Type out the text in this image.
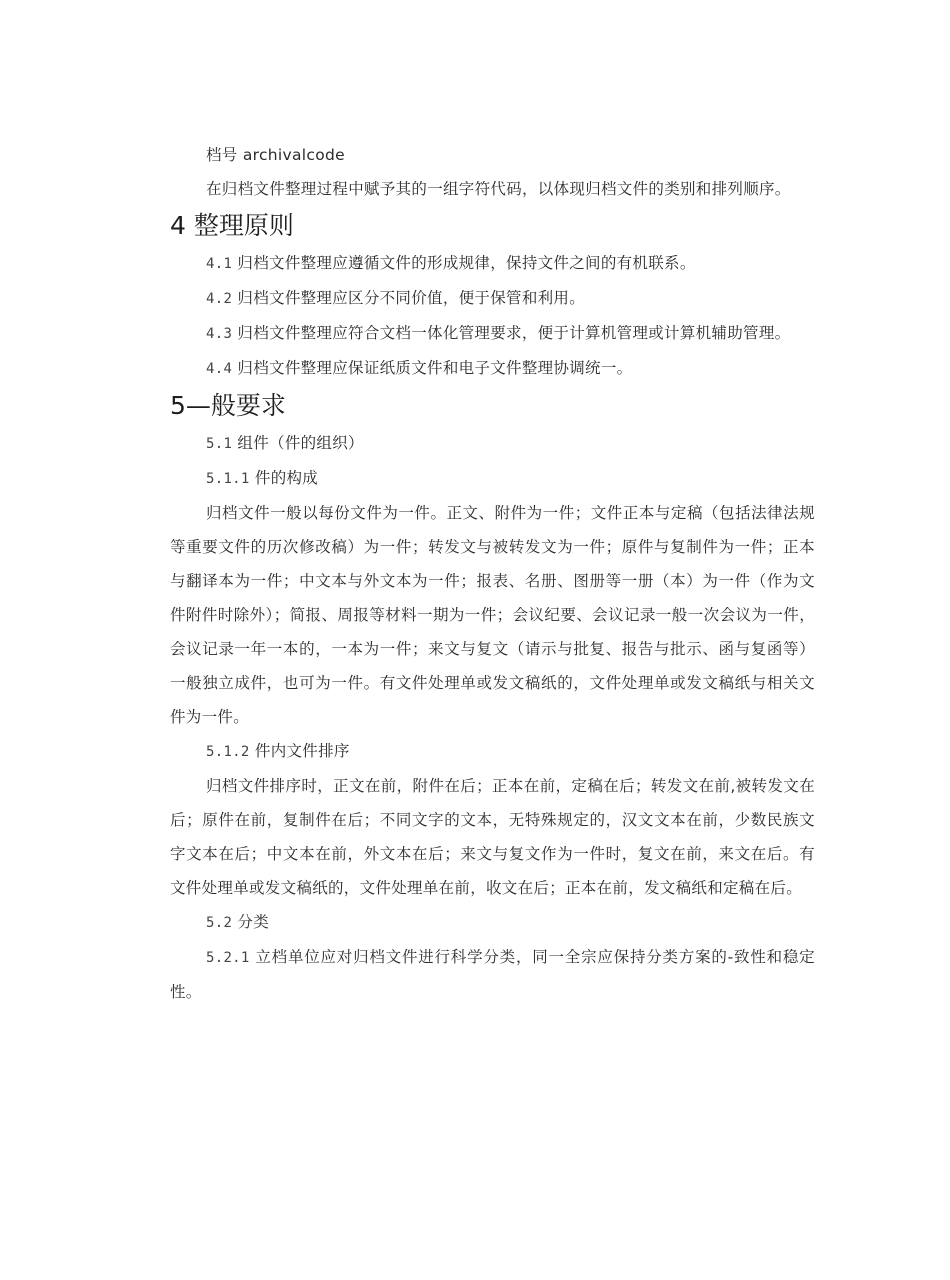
档号 archivalcode

在归档文件整理过程中赋予其的一组字符代码，以体现归档文件的类别和排列顺序。

4 整理原则

4.1 归档文件整理应遵循文件的形成规律，保持文件之间的有机联系。

4.2 归档文件整理应区分不同价值，便于保管和利用。

4.3 归档文件整理应符合文档一体化管理要求，便于计算机管理或计算机辅助管理。

4.4 归档文件整理应保证纸质文件和电子文件整理协调统一。

5—般要求

5.1 组件（件的组织）

5.1.1 件的构成

归档文件一般以每份文件为一件。正文、附件为一件；文件正本与定稿（包括法律法规等重要文件的历次修改稿）为一件；转发文与被转发文为一件；原件与复制件为一件；正本与翻译本为一件；中文本与外文本为一件；报表、名册、图册等一册（本）为一件（作为文件附件时除外）；简报、周报等材料一期为一件；会议纪要、会议记录一般一次会议为一件，会议记录一年一本的，一本为一件；来文与复文（请示与批复、报告与批示、函与复函等）一般独立成件，也可为一件。有文件处理单或发文稿纸的，文件处理单或发文稿纸与相关文件为一件。

5.1.2 件内文件排序

归档文件排序时，正文在前，附件在后；正本在前，定稿在后；转发文在前,被转发文在后；原件在前，复制件在后；不同文字的文本，无特殊规定的，汉文文本在前，少数民族文字文本在后；中文本在前，外文本在后；来文与复文作为一件时，复文在前，来文在后。有文件处理单或发文稿纸的，文件处理单在前，收文在后；正本在前，发文稿纸和定稿在后。

5.2 分类

5.2.1 立档单位应对归档文件进行科学分类，同一全宗应保持分类方案的-致性和稳定性。
